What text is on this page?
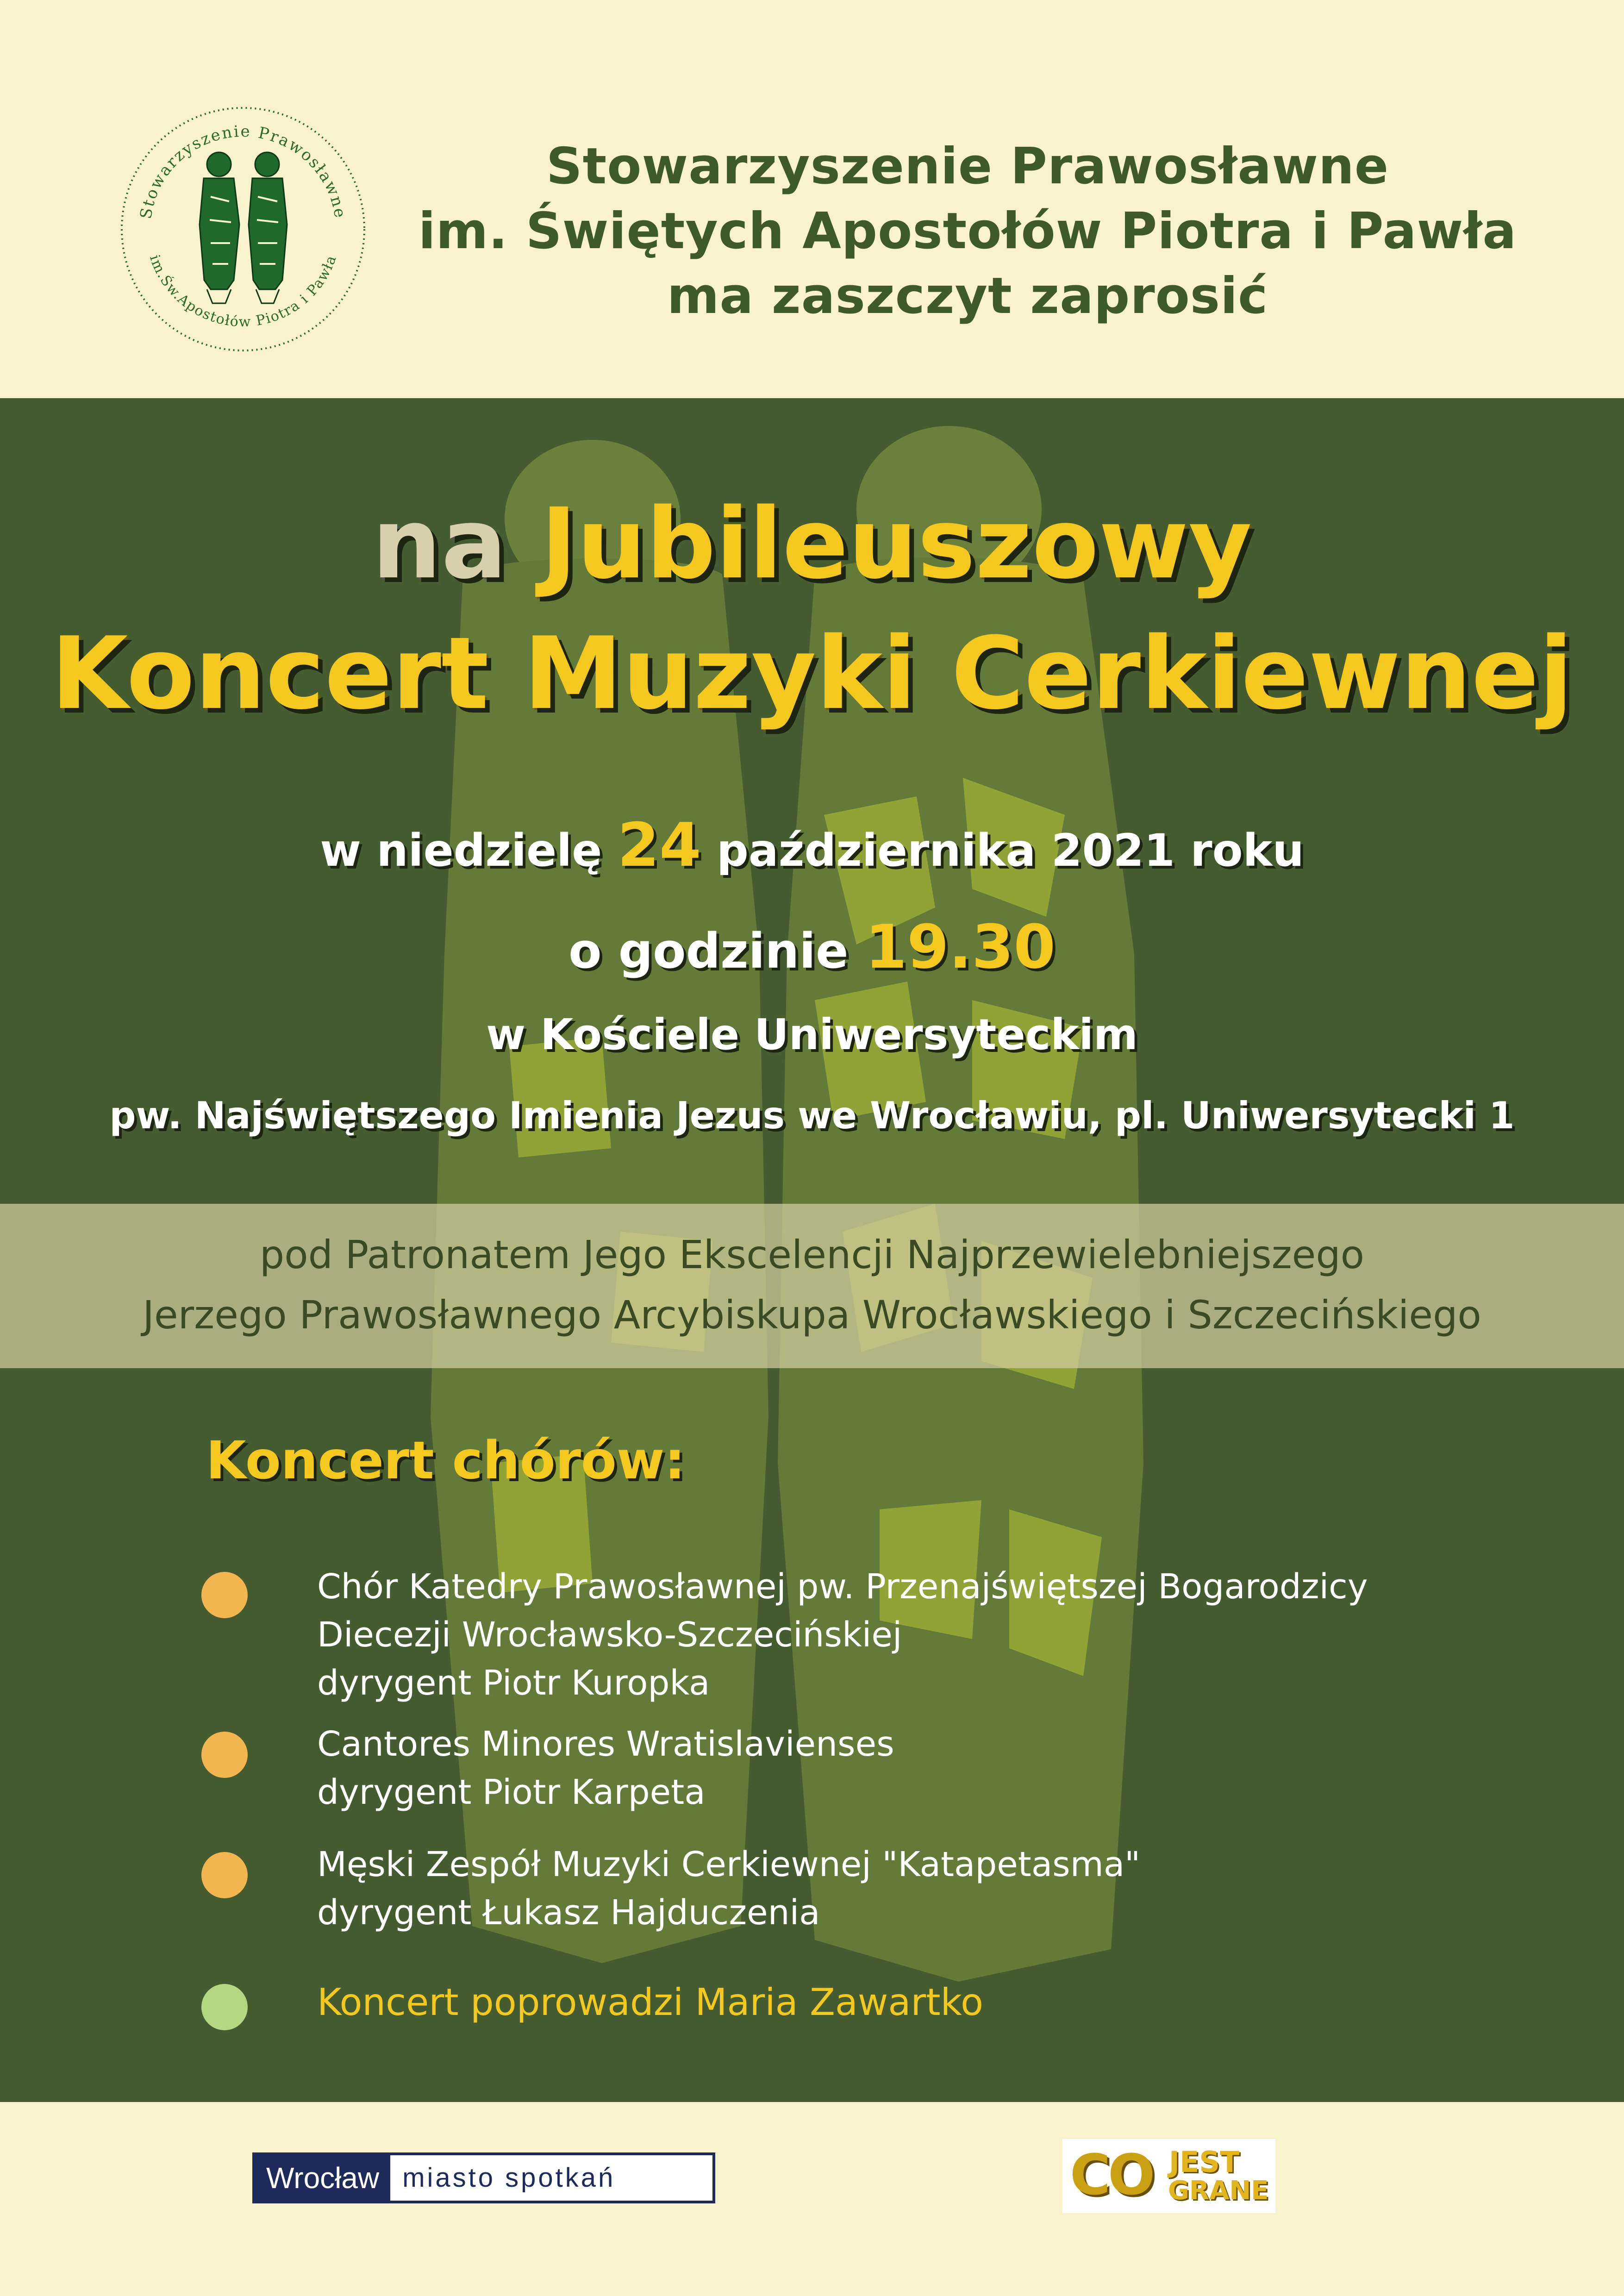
Stowarzyszenie Prawosławne
im.Św.Apostołów Piotra i Pawła
Stowarzyszenie Prawosławne
im. Świętych Apostołów Piotra i Pawła
ma zaszczyt zaprosić
na Jubileuszowy
Koncert Muzyki Cerkiewnej
w niedzielę 24 października 2021 roku
o godzinie 19.30
w Kościele Uniwersyteckim
pw. Najświętszego Imienia Jezus we Wrocławiu, pl. Uniwersytecki 1
pod Patronatem Jego Ekscelencji Najprzewielebniejszego
Jerzego Prawosławnego Arcybiskupa Wrocławskiego i Szczecińskiego
Koncert chórów:
Chór Katedry Prawosławnej pw. Przenajświętszej Bogarodzicy
Diecezji Wrocławsko-Szczecińskiej
dyrygent Piotr Kuropka
Cantores Minores Wratislavienses
dyrygent Piotr Karpeta
Męski Zespół Muzyki Cerkiewnej "Katapetasma"
dyrygent Łukasz Hajduczenia
Koncert poprowadzi Maria Zawartko
Wrocław miasto spotkań	CO JEST
GRANE
